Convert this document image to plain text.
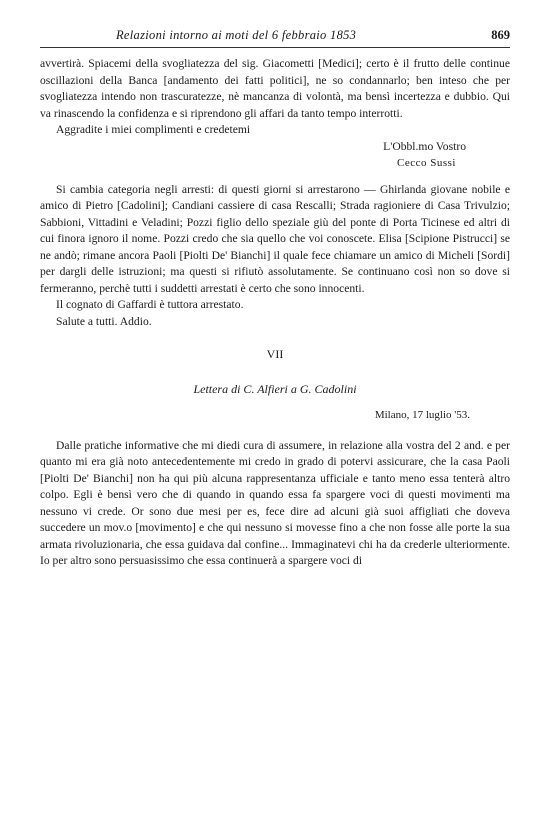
Relazioni intorno ai moti del 6 febbraio 1853	869

avvertirà. Spiacemi della svogliatezza del sig. Giacometti [Medici]; certo è il frutto delle continue oscillazioni della Banca [andamento dei fatti politici], ne so condannarlo; ben inteso che per svogliatezza intendo non trascuratezze, nè mancanza di volontà, ma bensì incertezza e dubbio. Qui va rinascendo la confidenza e si riprendono gli affari da tanto tempo interrotti.

Aggradite i miei complimenti e credetemi

L'Obbl.mo Vostro
Cecco Sussi

Si cambia categoria negli arresti: di questi giorni si arrestarono — Ghirlanda giovane nobile e amico di Pietro [Cadolini]; Candiani cassiere di casa Rescalli; Strada ragioniere di Casa Trivulzio; Sabbioni, Vittadini e Veladini; Pozzi figlio dello speziale giù del ponte di Porta Ticinese ed altri di cui finora ignoro il nome. Pozzi credo che sia quello che voi conoscete. Elisa [Scipione Pistrucci] se ne andò; rimane ancora Paoli [Piolti De' Bianchi] il quale fece chiamare un amico di Micheli [Sordi] per dargli delle istruzioni; ma questi si rifiutò assolutamente. Se continuano così non so dove si fermeranno, perchè tutti i suddetti arrestati è certo che sono innocenti.

Il cognato di Gaffardi è tuttora arrestato.

Salute a tutti. Addio.

VII
Lettera di C. Alfieri a G. Cadolini
Milano, 17 luglio '53.

Dalle pratiche informative che mi diedi cura di assumere, in relazione alla vostra del 2 and. e per quanto mi era già noto antecedentemente mi credo in grado di potervi assicurare, che la casa Paoli [Piolti De' Bianchi] non ha qui più alcuna rappresentanza ufficiale e tanto meno essa tenterà altro colpo. Egli è bensì vero che di quando in quando essa fa spargere voci di questi movimenti ma nessuno vi crede. Or sono due mesi per es, fece dire ad alcuni già suoi affigliati che doveva succedere un mov.o [movimento] e che qui nessuno si movesse fino a che non fosse alle porte la sua armata rivoluzionaria, che essa guidava dal confine... Immaginatevi chi ha da crederle ulteriormente. Io per altro sono persuasissimo che essa continuerà a spargere voci di
